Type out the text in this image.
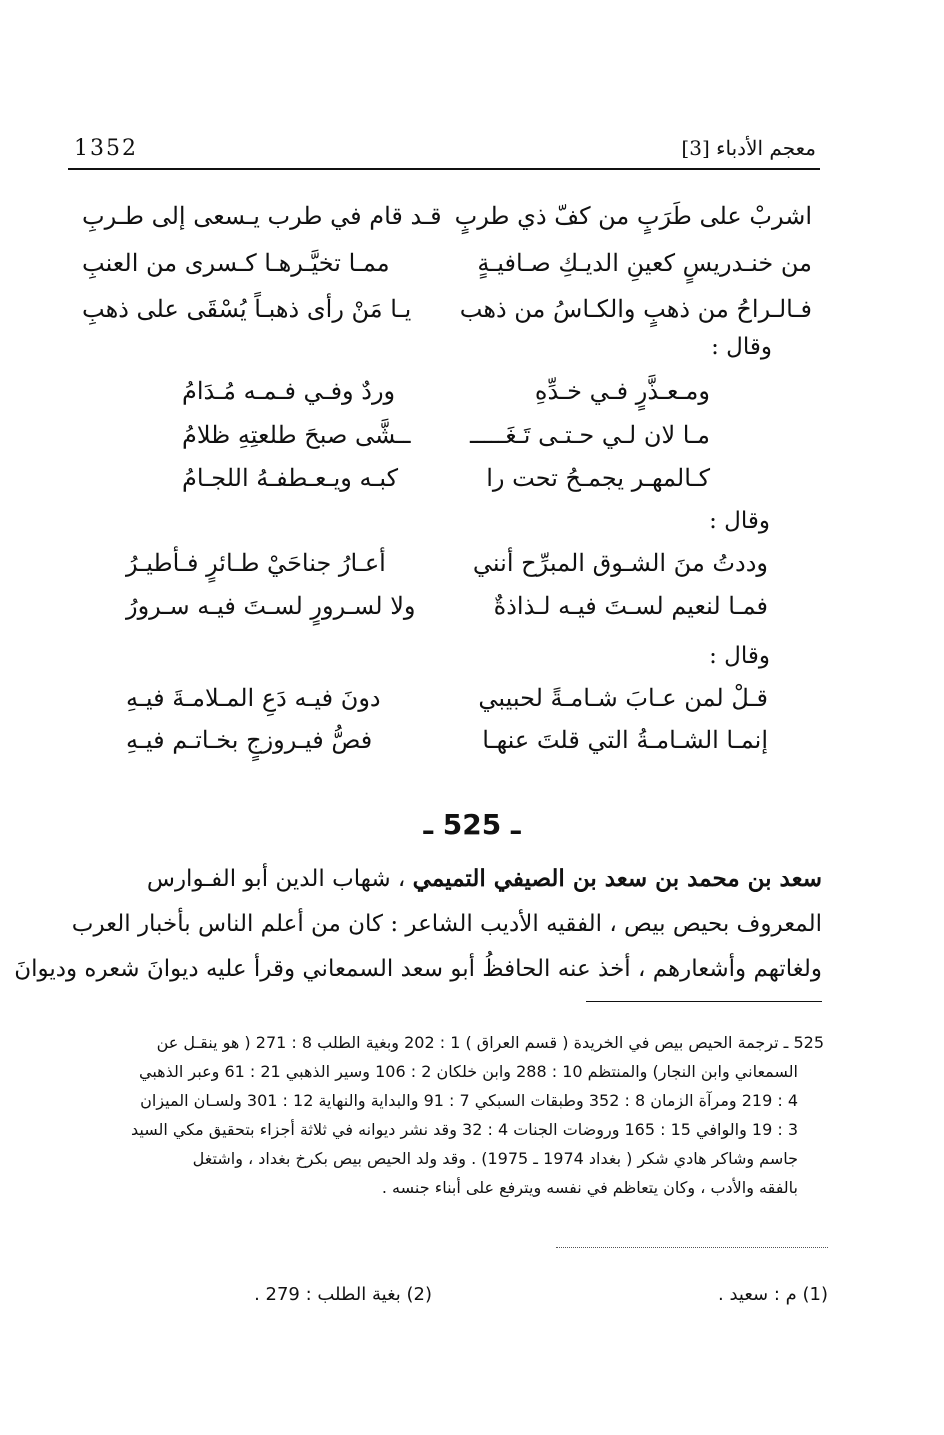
1352	معجم الأدباء [3]
اشربْ على طَرَبٍ من كفّ ذي طربٍ
قـد قام في طرب يـسعى إلى طـربِ
من خنـدريسٍ كعينِ الديـكِ صـافيـةٍ
ممـا تخيَّـرهـا كـسرى من العنبِ
فـالـراحُ من ذهبٍ والكـاسُ من ذهب
يـا مَنْ رأى ذهبـاً يُسْقَى على ذهبِ
وقال :
ومـعـذَّرٍ فـي خـدِّهِ
وردٌ وفـي فـمـه مُـدَامُ
مـا لان لـي حـتـى تَـغَـــــ
ــشَّى صبحَ طلعتِهِ ظلامُ
كـالمهـر يجمـحُ تحت را
كبـه ويـعـطفـهُ اللجـامُ
وقال :
وددتُ منَ الشـوق المبرِّح أنني
أعـارُ جناحَيْ طـائرٍ فـأطيـرُ
فمـا لنعيم لسـتَ فيـه لـذاذةٌ
ولا لسـرورٍ لسـتَ فيـه سـرورُ
وقال :
قـلْ لمن عـابَ شـامـةً لحبيبي
دونَ فيـه دَعِ المـلامـةَ فيـهِ
إنمـا الشـامـةُ التي قلتَ عنهـا
فصُّ فيـروزجٍ بخـاتـم فيـهِ
ـ 525 ـ
سعد بن محمد بن سعد بن الصيفي التميمي ، شهاب الدين أبو الفـوارس
المعروف بحيص بيص ، الفقيه الأديب الشاعر : كان من أعلم الناس بأخبار العرب
ولغاتهم وأشعارهم ، أخذ عنه الحافظُ أبو سعد السمعاني وقرأ عليه ديوانَ شعره وديوانَ
525 ـ ترجمة الحيص بيص في الخريدة ( قسم العراق ) 1 : 202 وبغية الطلب 8 : 271 ( هو ينقـل عن
السمعاني وابن النجار) والمنتظم 10 : 288 وابن خلكان 2 : 106 وسير الذهبي 21 : 61 وعبر الذهبي
4 : 219 ومرآة الزمان 8 : 352 وطبقات السبكي 7 : 91 والبداية والنهاية 12 : 301 ولسـان الميزان
3 : 19 والوافي 15 : 165 وروضات الجنات 4 : 32 وقد نشر ديوانه في ثلاثة أجزاء بتحقيق مكي السيد
جاسم وشاكر هادي شكر ( بغداد 1974 ـ 1975) . وقد ولد الحيص بيص بكرخ بغداد ، واشتغل
بالفقه والأدب ، وكان يتعاظم في نفسه ويترفع على أبناء جنسه .
(1) م : سعيد .
(2) بغية الطلب : 279 .
